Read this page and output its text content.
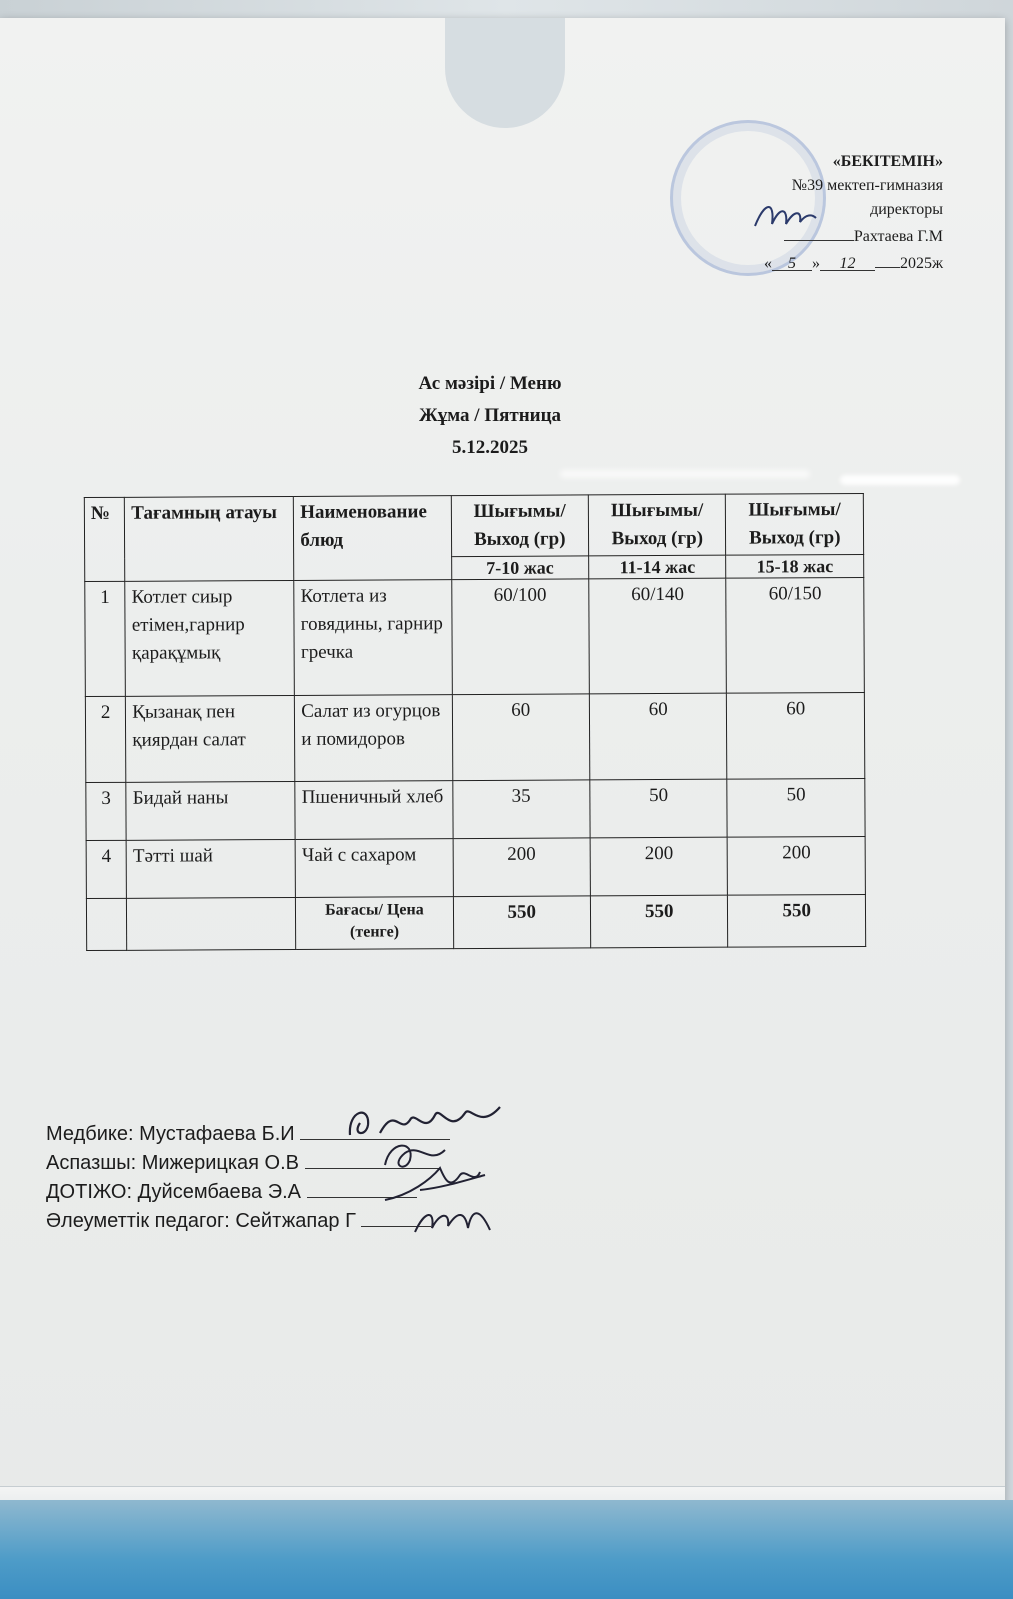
«БЕКІТЕМІН»
№39 мектеп-гимназия
директоры
Рахтаева Г.М
« 5 » 12	2025ж
Ас мәзірі / Меню
Жұма / Пятница
5.12.2025
№	Тағамның атауы	Наименование блюд	Шығымы/ Выход (гр)	Шығымы/ Выход (гр)	Шығымы/ Выход (гр)
			7-10 жас	11-14 жас	15-18 жас
1	Котлет сиыр етімен,гарнир қарақұмық	Котлета из говядины, гарнир гречка	60/100	60/140	60/150
2	Қызанақ пен қиярдан салат	Салат из огурцов и помидоров	60	60	60
3	Бидай наны	Пшеничный хлеб	35	50	50
4	Тәтті шай	Чай с сахаром	200	200	200
		Бағасы/ Цена (тенге)	550	550	550
Медбике: Мустафаева Б.И
Аспазшы: Мижерицкая О.В
ДОТІЖО: Дуйсембаева Э.А
Әлеуметтік педагог: Сейтжапар Г
